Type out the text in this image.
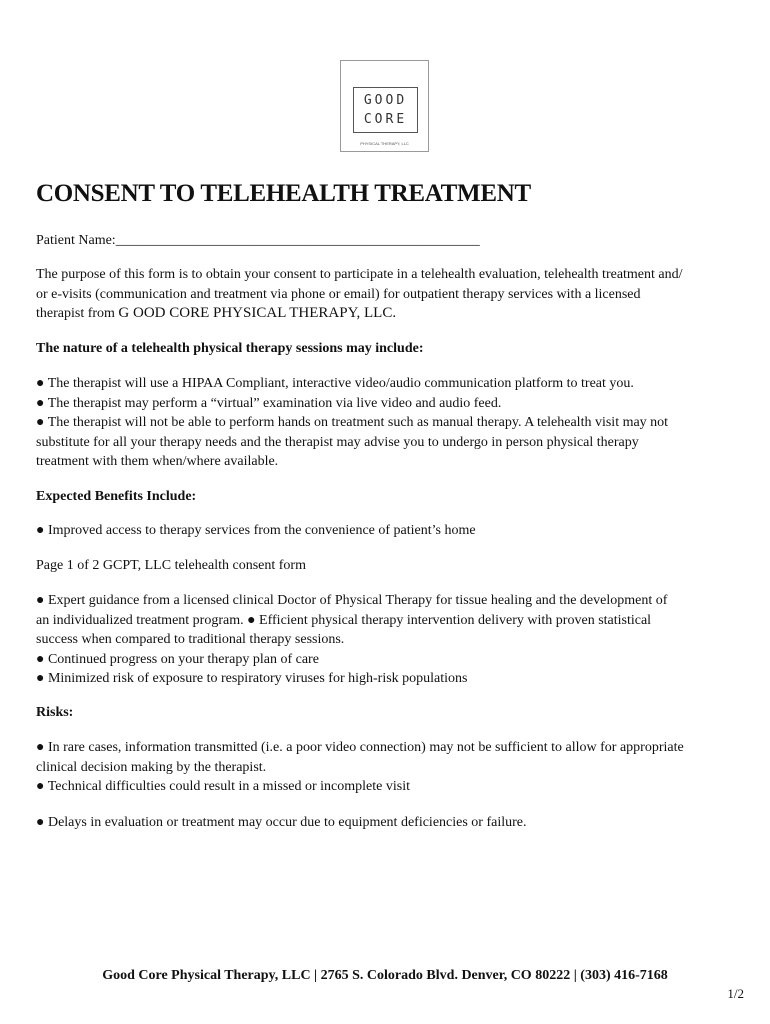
GOOD
CORE
PHYSICAL THERAPY, LLC
CONSENT TO TELEHEALTH TREATMENT

Patient Name:____________________________________________________

The purpose of this form is to obtain your consent to participate in a telehealth evaluation, telehealth treatment and/
or e-visits (communication and treatment via phone or email) for outpatient therapy services with a licensed
therapist from G OOD CORE PHYSICAL THERAPY, LLC.

The nature of a telehealth physical therapy sessions may include:

● The therapist will use a HIPAA Compliant, interactive video/audio communication platform to treat you.
● The therapist may perform a “virtual” examination via live video and audio feed.
● The therapist will not be able to perform hands on treatment such as manual therapy. A telehealth visit may not
substitute for all your therapy needs and the therapist may advise you to undergo in person physical therapy
treatment with them when/where available.

Expected Benefits Include:

● Improved access to therapy services from the convenience of patient’s home

Page 1 of 2 GCPT, LLC telehealth consent form

● Expert guidance from a licensed clinical Doctor of Physical Therapy for tissue healing and the development of
an individualized treatment program. ● Efficient physical therapy intervention delivery with proven statistical
success when compared to traditional therapy sessions.
● Continued progress on your therapy plan of care
● Minimized risk of exposure to respiratory viruses for high-risk populations

Risks:

● In rare cases, information transmitted (i.e. a poor video connection) may not be sufficient to allow for appropriate
clinical decision making by the therapist.
● Technical difficulties could result in a missed or incomplete visit

● Delays in evaluation or treatment may occur due to equipment deficiencies or failure.

Good Core Physical Therapy, LLC | 2765 S. Colorado Blvd. Denver, CO 80222 | (303) 416-7168
1/2
